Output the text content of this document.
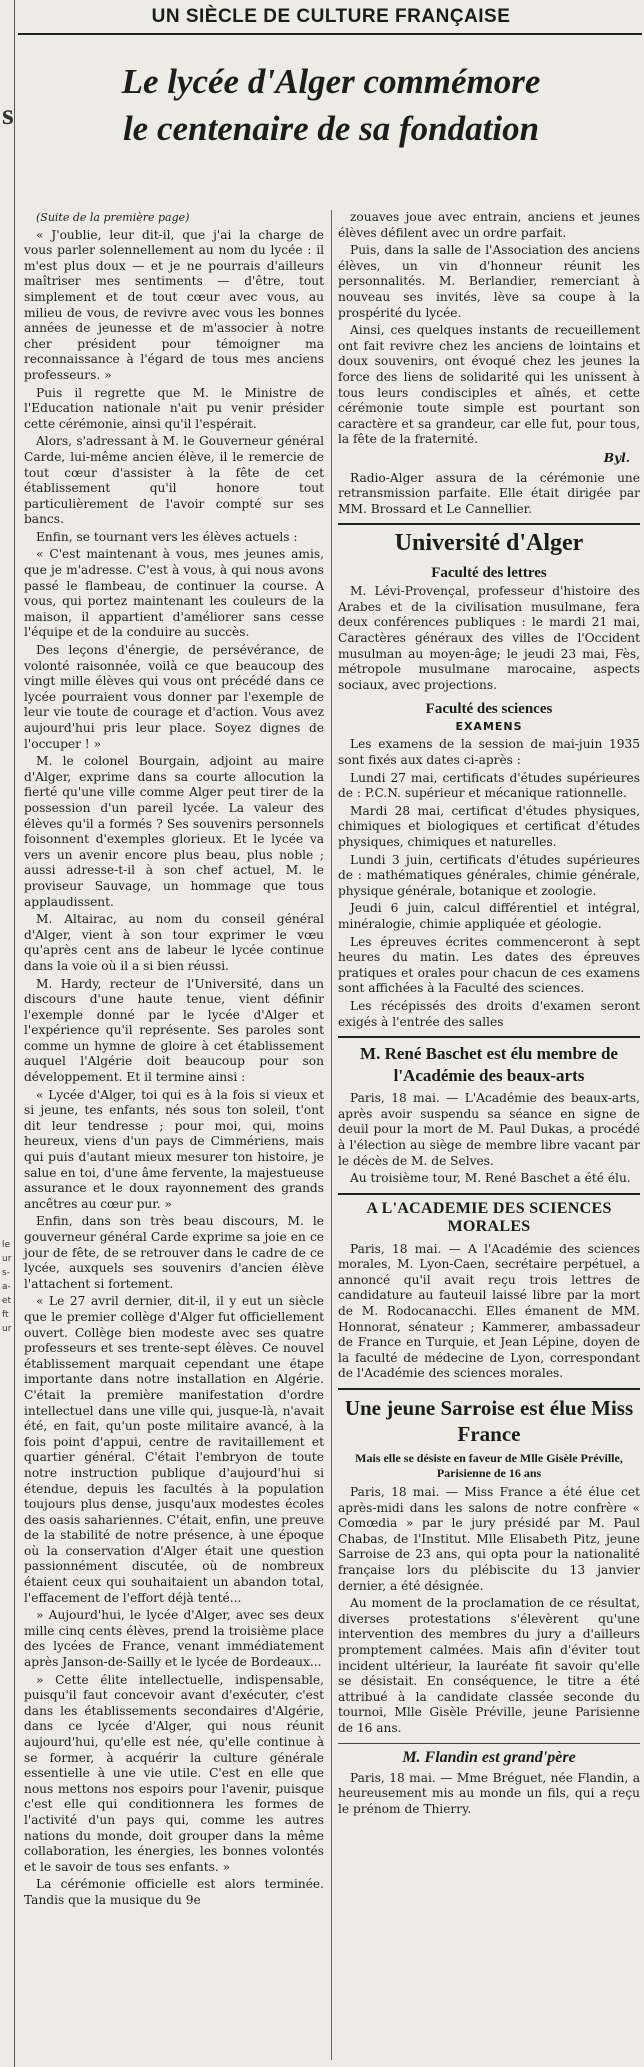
s
le
ur
s-
a-
et
ft
ur
UN SIÈCLE DE CULTURE FRANÇAISE
Le lycée d'Alger commémore
le centenaire de sa fondation

(Suite de la première page)

« J'oublie, leur dit-il, que j'ai la charge de vous parler solennellement au nom du lycée : il m'est plus doux — et je ne pourrais d'ailleurs maîtriser mes sentiments — d'être, tout simplement et de tout cœur avec vous, au milieu de vous, de revivre avec vous les bonnes années de jeunesse et de m'associer à notre cher président pour témoigner ma reconnaissance à l'égard de tous mes anciens professeurs. »

Puis il regrette que M. le Ministre de l'Education nationale n'ait pu venir présider cette cérémonie, ainsi qu'il l'espérait.

Alors, s'adressant à M. le Gouverneur général Carde, lui-même ancien élève, il le remercie de tout cœur d'assister à la fête de cet établissement qu'il honore tout particulièrement de l'avoir compté sur ses bancs.

Enfin, se tournant vers les élèves actuels :

« C'est maintenant à vous, mes jeunes amis, que je m'adresse. C'est à vous, à qui nous avons passé le flambeau, de continuer la course. A vous, qui portez maintenant les couleurs de la maison, il appartient d'améliorer sans cesse l'équipe et de la conduire au succès.

Des leçons d'énergie, de persévérance, de volonté raisonnée, voilà ce que beaucoup des vingt mille élèves qui vous ont précédé dans ce lycée pourraient vous donner par l'exemple de leur vie toute de courage et d'action. Vous avez aujourd'hui pris leur place. Soyez dignes de l'occuper ! »

M. le colonel Bourgain, adjoint au maire d'Alger, exprime dans sa courte allocution la fierté qu'une ville comme Alger peut tirer de la possession d'un pareil lycée. La valeur des élèves qu'il a formés ? Ses souvenirs personnels foisonnent d'exemples glorieux. Et le lycée va vers un avenir encore plus beau, plus noble ; aussi adresse-t-il à son chef actuel, M. le proviseur Sauvage, un hommage que tous applaudissent.

M. Altairac, au nom du conseil général d'Alger, vient à son tour exprimer le vœu qu'après cent ans de labeur le lycée continue dans la voie où il a si bien réussi.

M. Hardy, recteur de l'Université, dans un discours d'une haute tenue, vient définir l'exemple donné par le lycée d'Alger et l'expérience qu'il représente. Ses paroles sont comme un hymne de gloire à cet établissement auquel l'Algérie doit beaucoup pour son développement. Et il termine ainsi :

« Lycée d'Alger, toi qui es à la fois si vieux et si jeune, tes enfants, nés sous ton soleil, t'ont dit leur tendresse ; pour moi, qui, moins heureux, viens d'un pays de Cimmériens, mais qui puis d'autant mieux mesurer ton histoire, je salue en toi, d'une âme fervente, la majestueuse assurance et le doux rayonnement des grands ancêtres au cœur pur. »

Enfin, dans son très beau discours, M. le gouverneur général Carde exprime sa joie en ce jour de fête, de se retrouver dans le cadre de ce lycée, auxquels ses souvenirs d'ancien élève l'attachent si fortement.

« Le 27 avril dernier, dit-il, il y eut un siècle que le premier collège d'Alger fut officiellement ouvert. Collège bien modeste avec ses quatre professeurs et ses trente-sept élèves. Ce nouvel établissement marquait cependant une étape importante dans notre installation en Algérie. C'était la première manifestation d'ordre intellectuel dans une ville qui, jusque-là, n'avait été, en fait, qu'un poste militaire avancé, à la fois point d'appui, centre de ravitaillement et quartier général. C'était l'embryon de toute notre instruction publique d'aujourd'hui si étendue, depuis les facultés à la population toujours plus dense, jusqu'aux modestes écoles des oasis sahariennes. C'était, enfin, une preuve de la stabilité de notre présence, à une époque où la conservation d'Alger était une question passionnément discutée, où de nombreux étaient ceux qui souhaitaient un abandon total, l'effacement de l'effort déjà tenté...

» Aujourd'hui, le lycée d'Alger, avec ses deux mille cinq cents élèves, prend la troisième place des lycées de France, venant immédiatement après Janson-de-Sailly et le lycée de Bordeaux...

» Cette élite intellectuelle, indispensable, puisqu'il faut concevoir avant d'exécuter, c'est dans les établissements secondaires d'Algérie, dans ce lycée d'Alger, qui nous réunit aujourd'hui, qu'elle est née, qu'elle continue à se former, à acquérir la culture générale essentielle à une vie utile. C'est en elle que nous mettons nos espoirs pour l'avenir, puisque c'est elle qui conditionnera les formes de l'activité d'un pays qui, comme les autres nations du monde, doit grouper dans la même collaboration, les énergies, les bonnes volontés et le savoir de tous ses enfants. »

La cérémonie officielle est alors terminée. Tandis que la musique du 9e

zouaves joue avec entrain, anciens et jeunes élèves défilent avec un ordre parfait.

Puis, dans la salle de l'Association des anciens élèves, un vin d'honneur réunit les personnalités. M. Berlandier, remerciant à nouveau ses invités, lève sa coupe à la prospérité du lycée.

Ainsi, ces quelques instants de recueillement ont fait revivre chez les anciens de lointains et doux souvenirs, ont évoqué chez les jeunes la force des liens de solidarité qui les unissent à tous leurs condisciples et aînés, et cette cérémonie toute simple est pourtant son caractère et sa grandeur, car elle fut, pour tous, la fête de la fraternité.

Byl.

Radio-Alger assura de la cérémonie une retransmission parfaite. Elle était dirigée par MM. Brossard et Le Cannellier.

Université d'Alger
Faculté des lettres

M. Lévi-Provençal, professeur d'histoire des Arabes et de la civilisation musulmane, fera deux conférences publiques : le mardi 21 mai, Caractères généraux des villes de l'Occident musulman au moyen-âge; le jeudi 23 mai, Fès, métropole musulmane marocaine, aspects sociaux, avec projections.

Faculté des sciences
EXAMENS

Les examens de la session de mai-juin 1935 sont fixés aux dates ci-après :

Lundi 27 mai, certificats d'études supérieures de : P.C.N. supérieur et mécanique rationnelle.

Mardi 28 mai, certificat d'études physiques, chimiques et biologiques et certificat d'études physiques, chimiques et naturelles.

Lundi 3 juin, certificats d'études supérieures de : mathématiques générales, chimie générale, physique générale, botanique et zoologie.

Jeudi 6 juin, calcul différentiel et intégral, minéralogie, chimie appliquée et géologie.

Les épreuves écrites commenceront à sept heures du matin. Les dates des épreuves pratiques et orales pour chacun de ces examens sont affichées à la Faculté des sciences.

Les récépissés des droits d'examen seront exigés à l'entrée des salles

M. René Baschet est élu membre de l'Académie des beaux-arts

Paris, 18 mai. — L'Académie des beaux-arts, après avoir suspendu sa séance en signe de deuil pour la mort de M. Paul Dukas, a procédé à l'élection au siège de membre libre vacant par le décès de M. de Selves.

Au troisième tour, M. René Baschet a été élu.

A L'ACADEMIE DES SCIENCES MORALES

Paris, 18 mai. — A l'Académie des sciences morales, M. Lyon-Caen, secrétaire perpétuel, a annoncé qu'il avait reçu trois lettres de candidature au fauteuil laissé libre par la mort de M. Rodocanacchi. Elles émanent de MM. Honnorat, sénateur ; Kammerer, ambassadeur de France en Turquie, et Jean Lépine, doyen de la faculté de médecine de Lyon, correspondant de l'Académie des sciences morales.

Une jeune Sarroise est élue Miss France
Mais elle se désiste en faveur de Mlle Gisèle Préville, Parisienne de 16 ans

Paris, 18 mai. — Miss France a été élue cet après-midi dans les salons de notre confrère « Comœdia » par le jury présidé par M. Paul Chabas, de l'Institut. Mlle Elisabeth Pitz, jeune Sarroise de 23 ans, qui opta pour la nationalité française lors du plébiscite du 13 janvier dernier, a été désignée.

Au moment de la proclamation de ce résultat, diverses protestations s'élevèrent qu'une intervention des membres du jury a d'ailleurs promptement calmées. Mais afin d'éviter tout incident ultérieur, la lauréate fit savoir qu'elle se désistait. En conséquence, le titre a été attribué à la candidate classée seconde du tournoi, Mlle Gisèle Préville, jeune Parisienne de 16 ans.

M. Flandin est grand'père

Paris, 18 mai. — Mme Bréguet, née Flandin, a heureusement mis au monde un fils, qui a reçu le prénom de Thierry.
